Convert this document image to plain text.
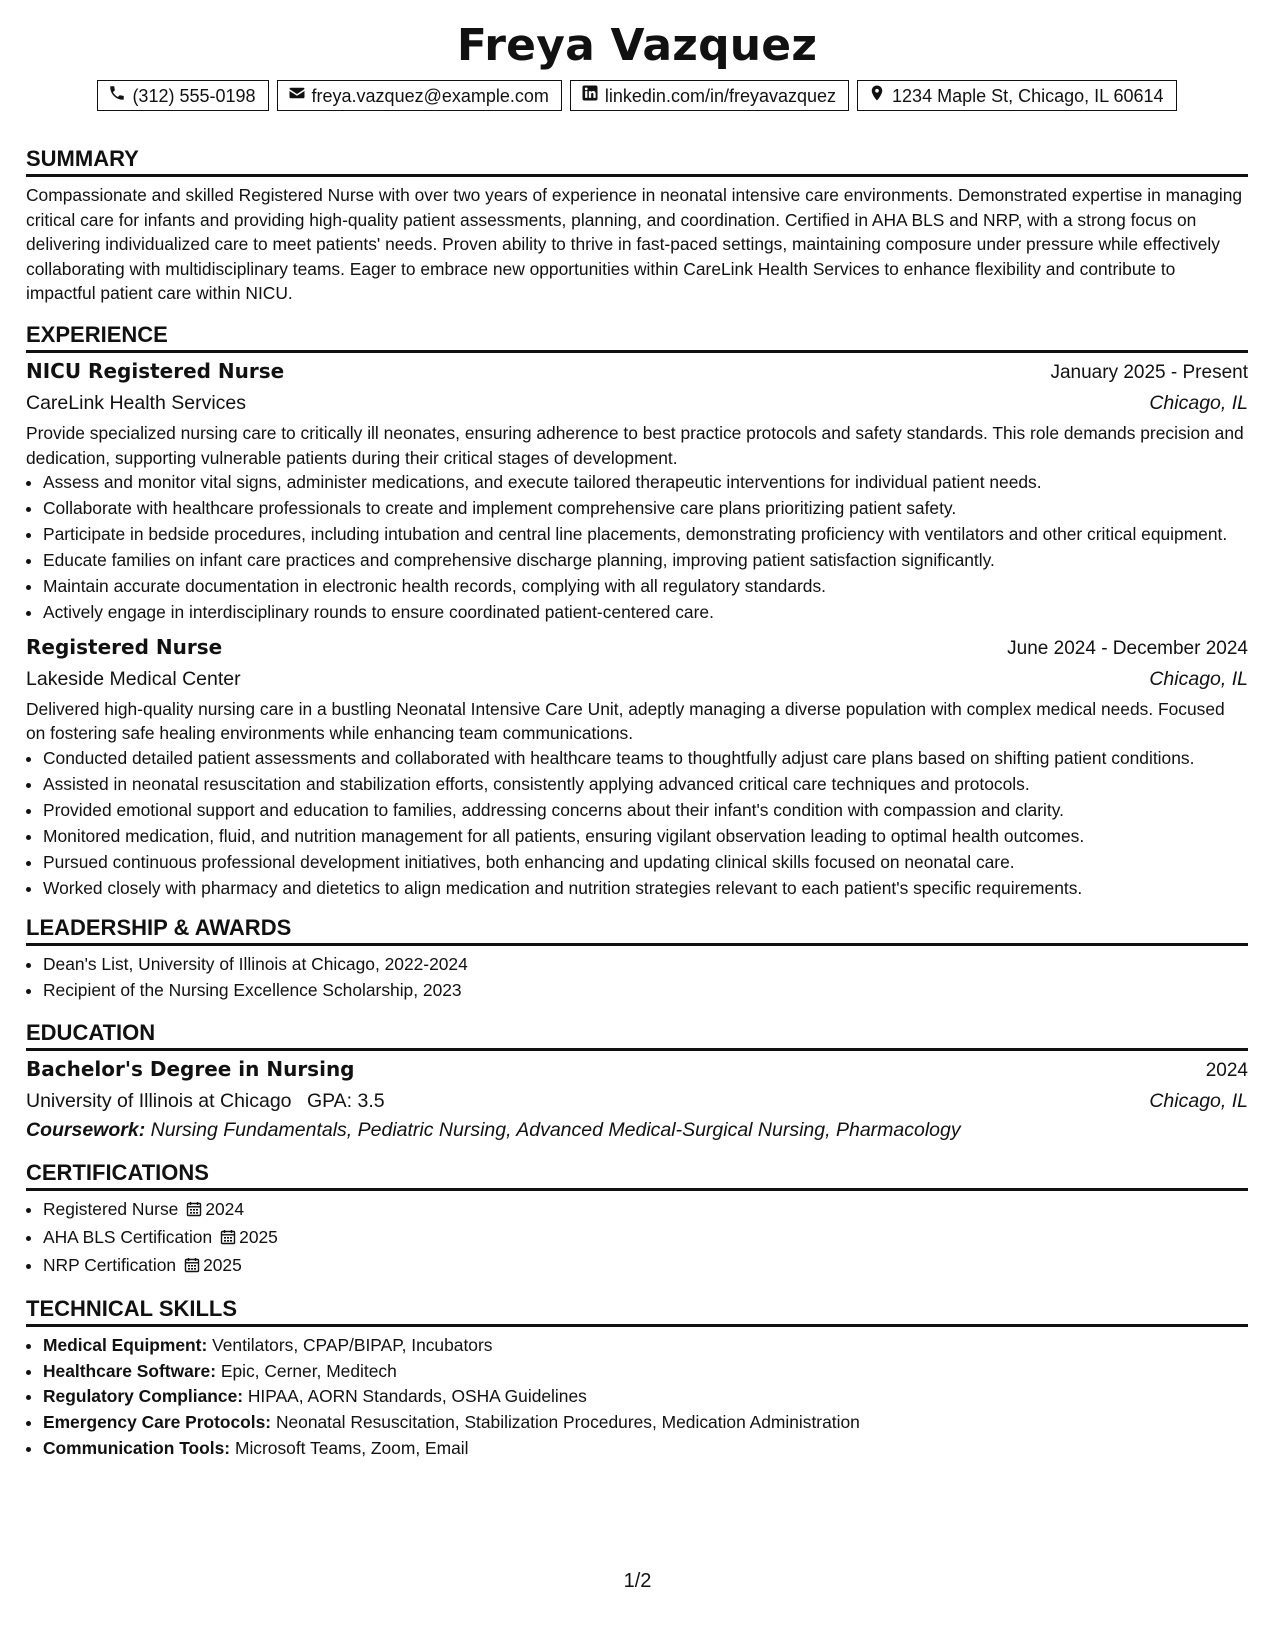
Freya Vazquez
(312) 555-0198	freya.vazquez@example.com	linkedin.com/in/freyavazquez	1234 Maple St, Chicago, IL 60614
SUMMARY

Compassionate and skilled Registered Nurse with over two years of experience in neonatal intensive care environments. Demonstrated expertise in managing critical care for infants and providing high-quality patient assessments, planning, and coordination. Certified in AHA BLS and NRP, with a strong focus on delivering individualized care to meet patients' needs. Proven ability to thrive in fast-paced settings, maintaining composure under pressure while effectively collaborating with multidisciplinary teams. Eager to embrace new opportunities within CareLink Health Services to enhance flexibility and contribute to impactful patient care within NICU.

EXPERIENCE
NICU Registered Nurse	January 2025 - Present
CareLink Health Services	Chicago, IL

Provide specialized nursing care to critically ill neonates, ensuring adherence to best practice protocols and safety standards. This role demands precision and dedication, supporting vulnerable patients during their critical stages of development.

• Assess and monitor vital signs, administer medications, and execute tailored therapeutic interventions for individual patient needs.
• Collaborate with healthcare professionals to create and implement comprehensive care plans prioritizing patient safety.
• Participate in bedside procedures, including intubation and central line placements, demonstrating proficiency with ventilators and other critical equipment.
• Educate families on infant care practices and comprehensive discharge planning, improving patient satisfaction significantly.
• Maintain accurate documentation in electronic health records, complying with all regulatory standards.
• Actively engage in interdisciplinary rounds to ensure coordinated patient-centered care.
Registered Nurse	June 2024 - December 2024
Lakeside Medical Center	Chicago, IL

Delivered high-quality nursing care in a bustling Neonatal Intensive Care Unit, adeptly managing a diverse population with complex medical needs. Focused on fostering safe healing environments while enhancing team communications.

• Conducted detailed patient assessments and collaborated with healthcare teams to thoughtfully adjust care plans based on shifting patient conditions.
• Assisted in neonatal resuscitation and stabilization efforts, consistently applying advanced critical care techniques and protocols.
• Provided emotional support and education to families, addressing concerns about their infant's condition with compassion and clarity.
• Monitored medication, fluid, and nutrition management for all patients, ensuring vigilant observation leading to optimal health outcomes.
• Pursued continuous professional development initiatives, both enhancing and updating clinical skills focused on neonatal care.
• Worked closely with pharmacy and dietetics to align medication and nutrition strategies relevant to each patient's specific requirements.
LEADERSHIP & AWARDS
• Dean's List, University of Illinois at Chicago, 2022-2024
• Recipient of the Nursing Excellence Scholarship, 2023
EDUCATION
Bachelor's Degree in Nursing	2024
University of Illinois at Chicago GPA: 3.5	Chicago, IL
Coursework: Nursing Fundamentals, Pediatric Nursing, Advanced Medical-Surgical Nursing, Pharmacology
CERTIFICATIONS
• Registered Nurse 2024
• AHA BLS Certification 2025
• NRP Certification 2025
TECHNICAL SKILLS
• Medical Equipment: Ventilators, CPAP/BIPAP, Incubators
• Healthcare Software: Epic, Cerner, Meditech
• Regulatory Compliance: HIPAA, AORN Standards, OSHA Guidelines
• Emergency Care Protocols: Neonatal Resuscitation, Stabilization Procedures, Medication Administration
• Communication Tools: Microsoft Teams, Zoom, Email
1/2
